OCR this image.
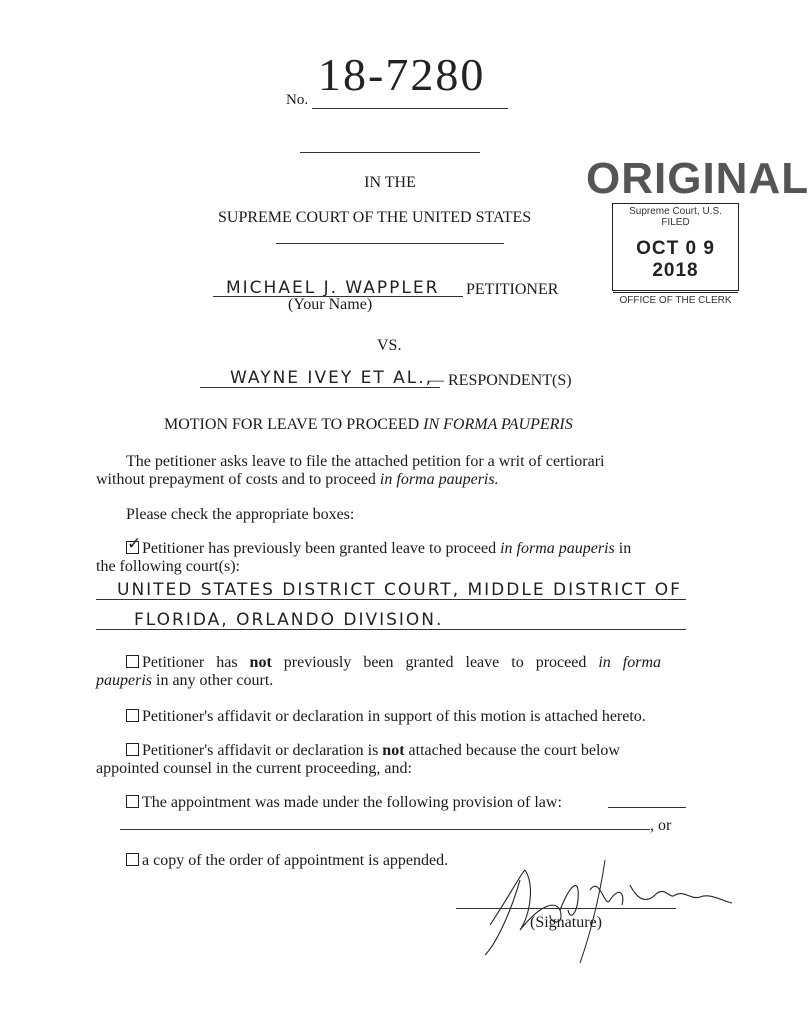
No. 18-7280
IN THE
SUPREME COURT OF THE UNITED STATES
ORIGINAL
Supreme Court, U.S.
FILED
OCT 0 9 2018
OFFICE OF THE CLERK
MICHAEL J. WAPPLER PETITIONER
(Your Name)
VS.
WAYNE IVEY ET AL.,
— RESPONDENT(S)
MOTION FOR LEAVE TO PROCEED IN FORMA PAUPERIS
The petitioner asks leave to file the attached petition for a writ of certiorari
without prepayment of costs and to proceed in forma pauperis.
Please check the appropriate boxes:
✓ Petitioner has previously been granted leave to proceed in forma pauperis in
the following court(s):
UNITED STATES DISTRICT COURT, MIDDLE DISTRICT OF
FLORIDA, ORLANDO DIVISION.
Petitioner has not previously been granted leave to proceed in forma
pauperis in any other court.
Petitioner's affidavit or declaration in support of this motion is attached hereto.
Petitioner's affidavit or declaration is not attached because the court below
appointed counsel in the current proceeding, and:
The appointment was made under the following provision of law:
, or
a copy of the order of appointment is appended.
(Signature)
